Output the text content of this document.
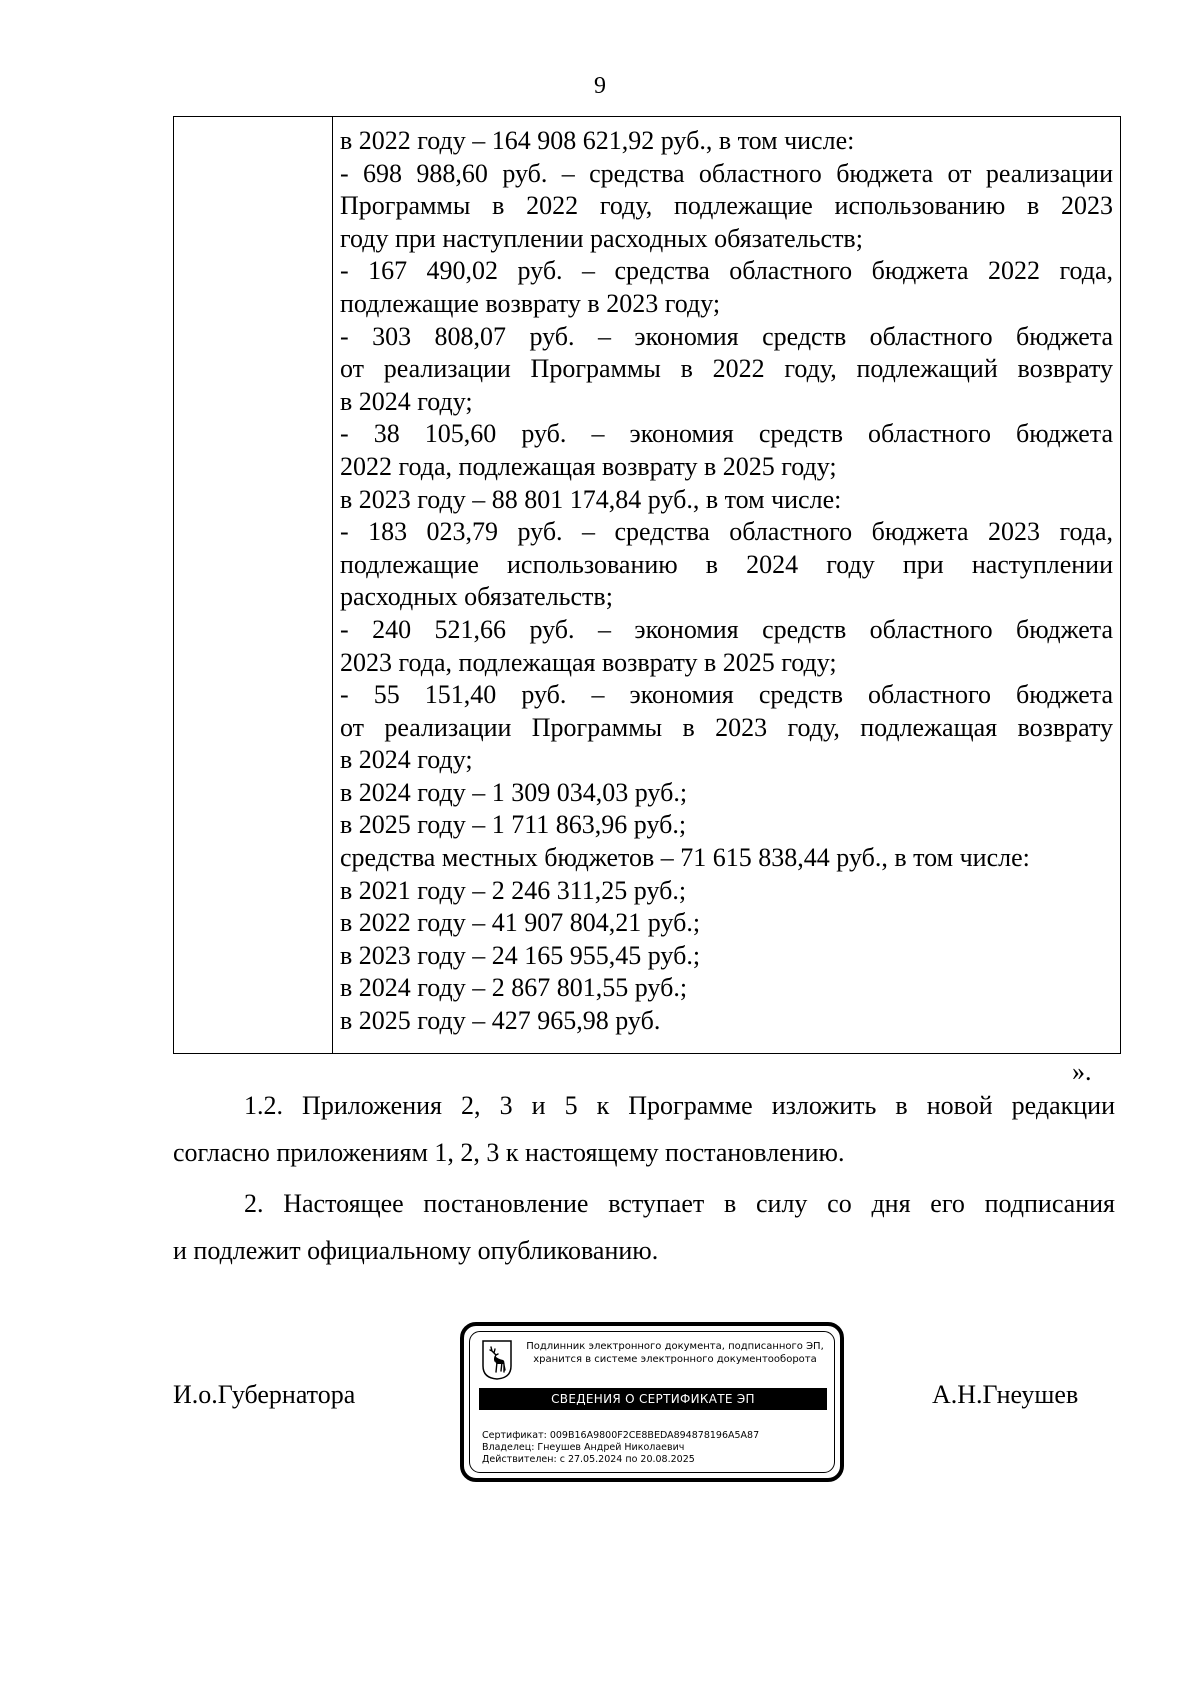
9
в 2022 году – 164 908 621,92 руб., в том числе:
- 698 988,60 руб. – средства областного бюджета от реализации
Программы в 2022 году, подлежащие использованию в 2023
году при наступлении расходных обязательств;
- 167 490,02 руб. – средства областного бюджета 2022 года,
подлежащие возврату в 2023 году;
- 303 808,07 руб. – экономия средств областного бюджета
от реализации Программы в 2022 году, подлежащий возврату
в 2024 году;
- 38 105,60 руб. – экономия средств областного бюджета
2022 года, подлежащая возврату в 2025 году;
в 2023 году – 88 801 174,84 руб., в том числе:
- 183 023,79 руб. – средства областного бюджета 2023 года,
подлежащие использованию в 2024 году при наступлении
расходных обязательств;
- 240 521,66 руб. – экономия средств областного бюджета
2023 года, подлежащая возврату в 2025 году;
- 55 151,40 руб. – экономия средств областного бюджета
от реализации Программы в 2023 году, подлежащая возврату
в 2024 году;
в 2024 году – 1 309 034,03 руб.;
в 2025 году – 1 711 863,96 руб.;
средства местных бюджетов – 71 615 838,44 руб., в том числе:
в 2021 году – 2 246 311,25 руб.;
в 2022 году – 41 907 804,21 руб.;
в 2023 году – 24 165 955,45 руб.;
в 2024 году – 2 867 801,55 руб.;
в 2025 году – 427 965,98 руб.
».
1.2. Приложения 2, 3 и 5 к Программе изложить в новой редакции
согласно приложениям 1, 2, 3 к настоящему постановлению.
2. Настоящее постановление вступает в силу со дня его подписания
и подлежит официальному опубликованию.
И.о.Губернатора	А.Н.Гнеушев
Подлинник электронного документа, подписанного ЭП,
хранится в системе электронного документооборота
СВЕДЕНИЯ О СЕРТИФИКАТЕ ЭП
Сертификат: 009B16A9800F2CE8BEDA894878196A5A87
Владелец: Гнеушев Андрей Николаевич
Действителен: с 27.05.2024 по 20.08.2025
